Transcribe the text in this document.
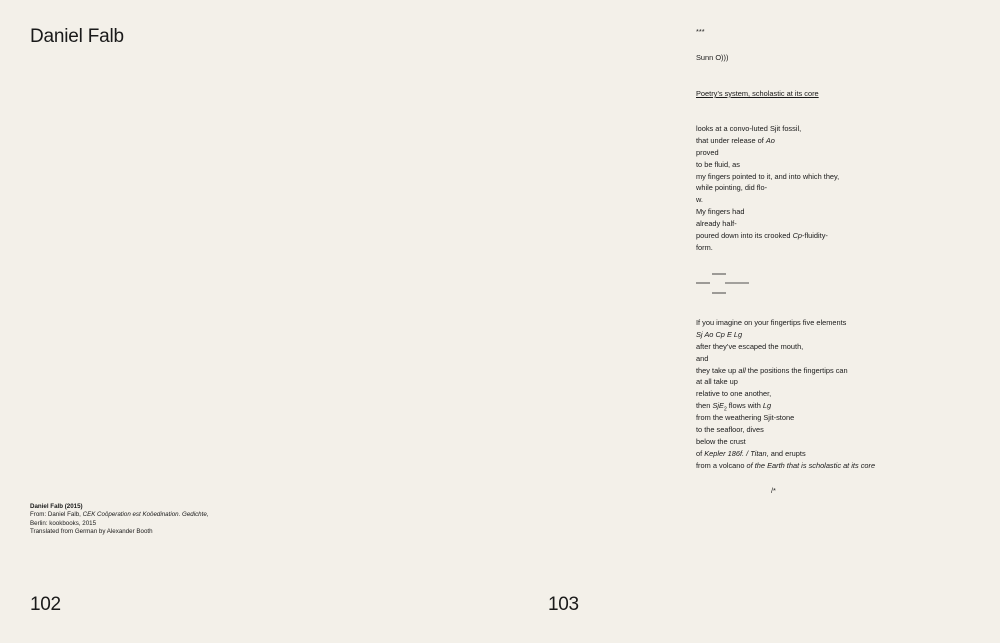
Daniel Falb
Daniel Falb (2015)
From: Daniel Falb, CEK Coöperation est Koöedination. Gedichte,
Berlin: kookbooks, 2015
Translated from German by Alexander Booth
102
***
Sunn O)))
Poetry’s system, scholastic at its core
looks at a convo-luted Sjit fossil,
that under release of Ao
proved
to be fluid, as
my fingers pointed to it, and into which they,
while pointing, did flo-
w.
My fingers had
already half-
poured down into its crooked Cp-fluidity-
form.
If you imagine on your fingertips five elements
Sj Ao Cp E Lg
after they’ve escaped the mouth,
and
they take up all the positions the fingertips can
at all take up
relative to one another,
then SjE$_2$ flows with Lg
from the weathering Sjit-stone
to the seafloor, dives
below the crust
of Kepler 186f. / Titan, and erupts
from a volcano of the Earth that is scholastic at its core
/*
103
